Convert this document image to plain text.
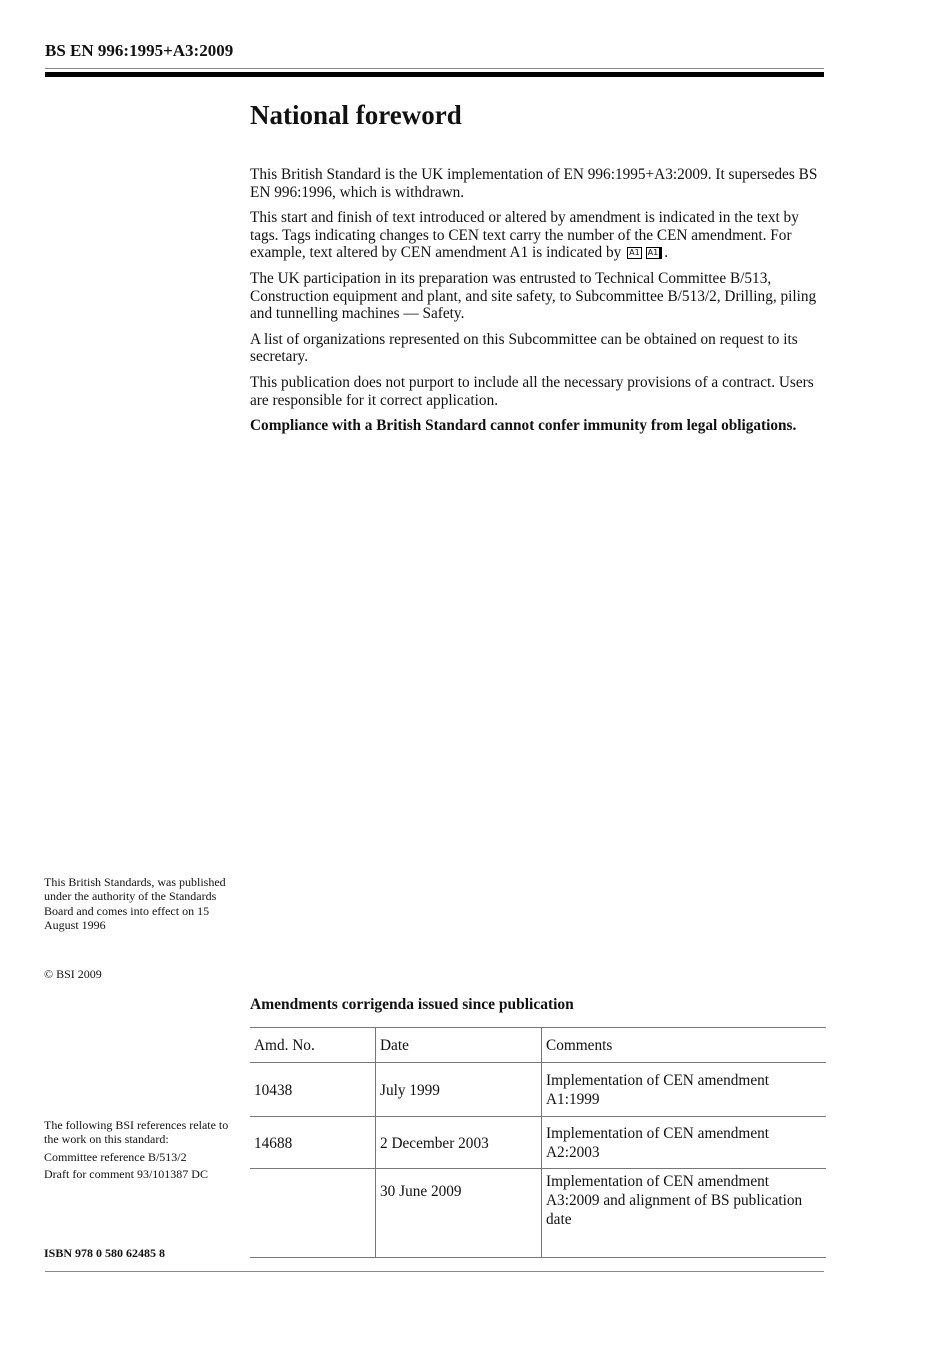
BS EN 996:1995+A3:2009
National foreword

This British Standard is the UK implementation of EN 996:1995+A3:2009. It supersedes BS EN 996:1996, which is withdrawn.

This start and finish of text introduced or altered by amendment is indicated in the text by tags. Tags indicating changes to CEN text carry the number of the CEN amendment. For example, text altered by CEN amendment A1 is indicated by A1 A1 .

The UK participation in its preparation was entrusted to Technical Committee B/513, Construction equipment and plant, and site safety, to Subcommittee B/513/2, Drilling, piling and tunnelling machines — Safety.

A list of organizations represented on this Subcommittee can be obtained on request to its secretary.

This publication does not purport to include all the necessary provisions of a contract. Users are responsible for it correct application.

Compliance with a British Standard cannot confer immunity from legal obligations.

This British Standards, was published under the authority of the Standards Board and comes into effect on 15 August 1996

© BSI 2009

The following BSI references relate to the work on this standard:

Committee reference B/513/2

Draft for comment 93/101387 DC

ISBN 978 0 580 62485 8

Amendments corrigenda issued since publication
Amd. No.	Date	Comments
10438	July 1999	Implementation of CEN amendment A1:1999
14688	2 December 2003	Implementation of CEN amendment A2:2003
	30 June 2009	Implementation of CEN amendment A3:2009 and alignment of BS publication date
